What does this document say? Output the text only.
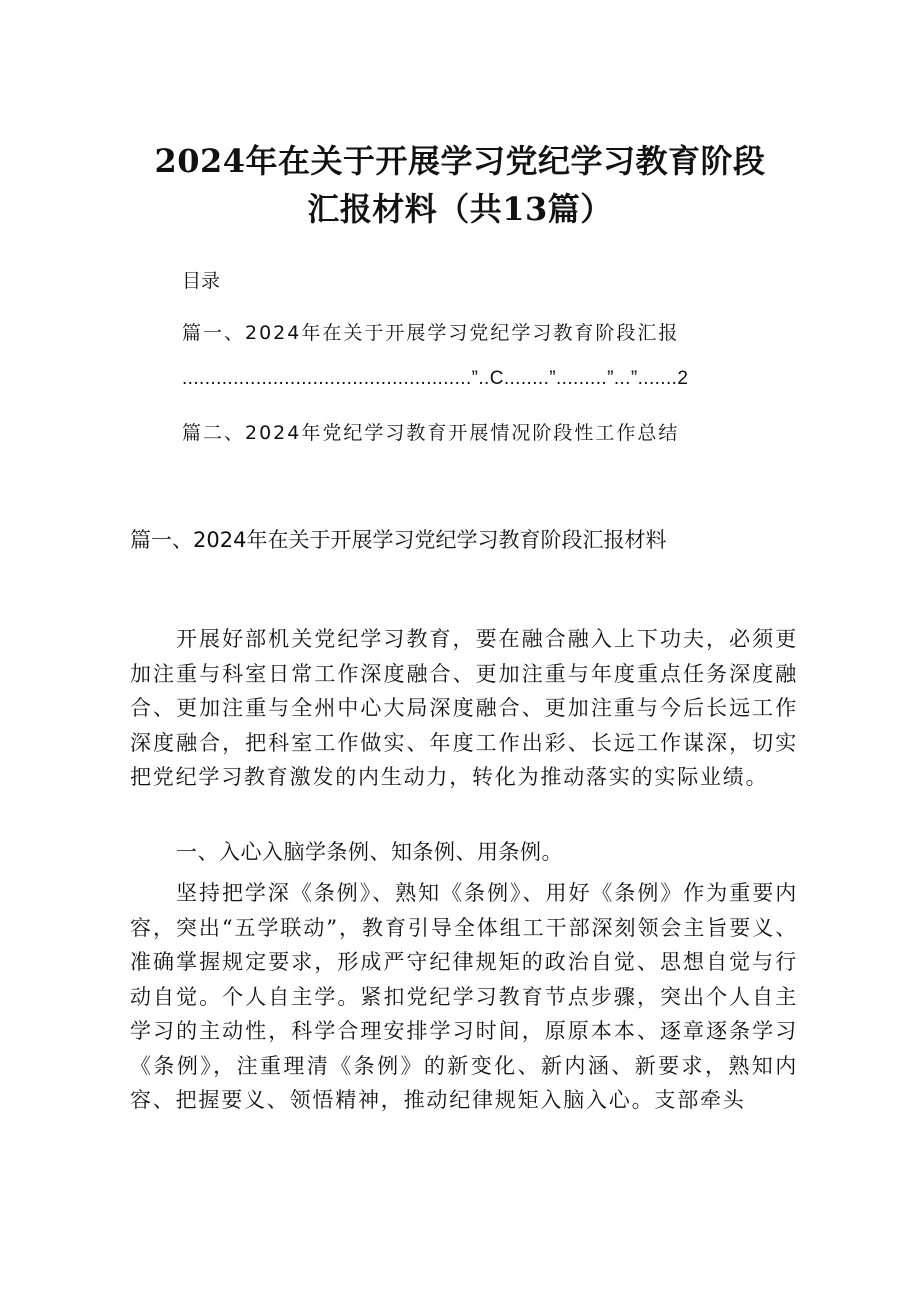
2024年在关于开展学习党纪学习教育阶段
汇报材料（共13篇）
目录
篇一、2024年在关于开展学习党纪学习教育阶段汇报
...................................................”..C........”.........”...”.......2
篇二、2024年党纪学习教育开展情况阶段性工作总结
篇一、2024年在关于开展学习党纪学习教育阶段汇报材料
开展好部机关党纪学习教育，要在融合融入上下功夫，必须更加注重与科室日常工作深度融合、更加注重与年度重点任务深度融合、更加注重与全州中心大局深度融合、更加注重与今后长远工作深度融合，把科室工作做实、年度工作出彩、长远工作谋深，切实把党纪学习教育激发的内生动力，转化为推动落实的实际业绩。
一、入心入脑学条例、知条例、用条例。
坚持把学深《条例》、熟知《条例》、用好《条例》作为重要内容，突出“五学联动”，教育引导全体组工干部深刻领会主旨要义、准确掌握规定要求，形成严守纪律规矩的政治自觉、思想自觉与行动自觉。个人自主学。紧扣党纪学习教育节点步骤，突出个人自主学习的主动性，科学合理安排学习时间，原原本本、逐章逐条学习《条例》，注重理清《条例》的新变化、新内涵、新要求，熟知内容、把握要义、领悟精神，推动纪律规矩入脑入心。支部牵头
